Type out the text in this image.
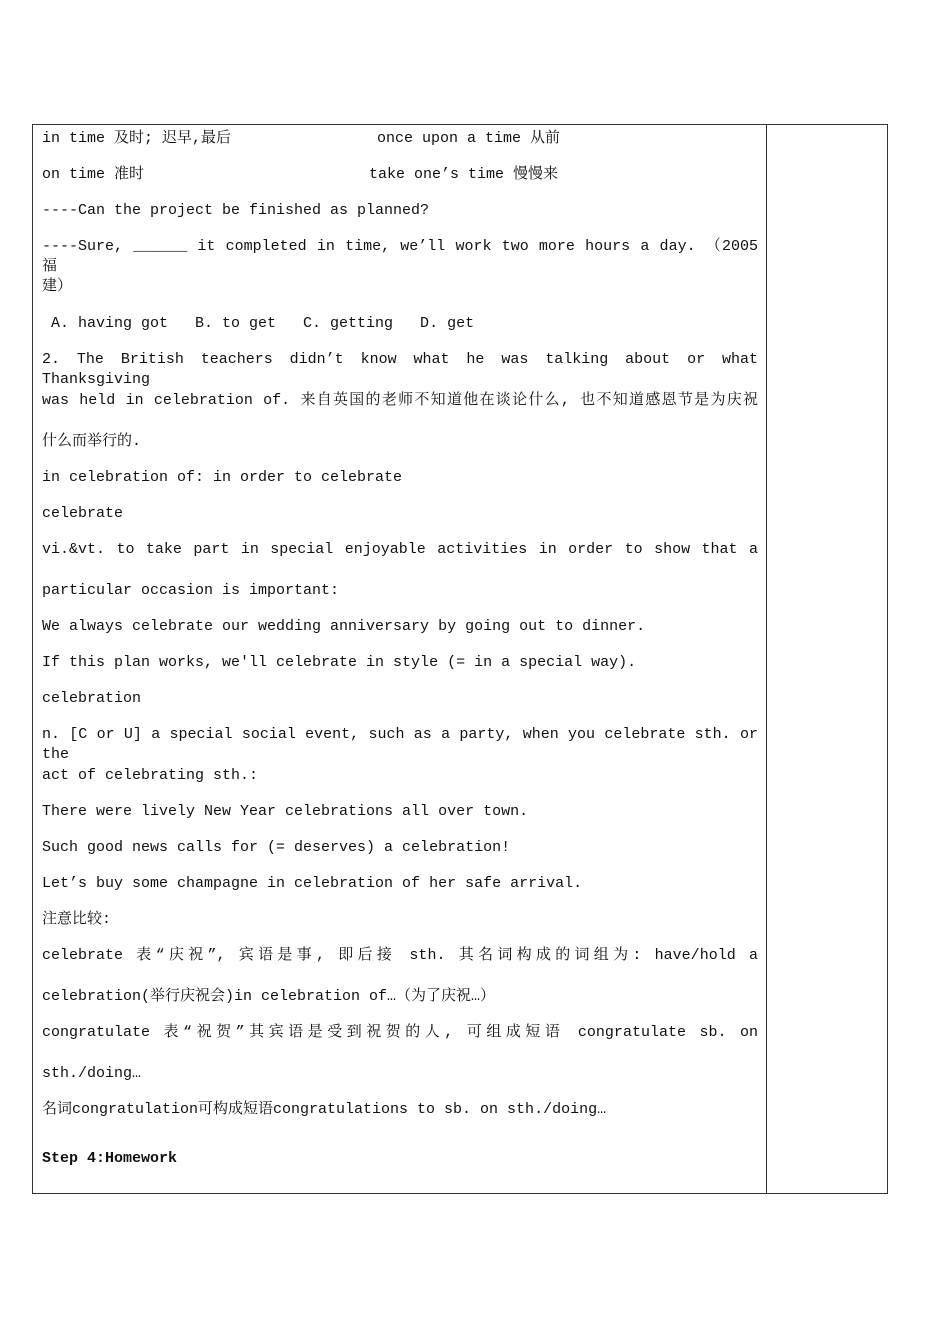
in time 及时; 迟早,最后	once upon a time 从前
on time 准时	take one’s time 慢慢来
----Can the project be finished as planned?
----Sure, ______ it completed in time, we’ll work two more hours a day. （2005 福
建）
A. having got   B. to get   C. getting   D. get
2. The British teachers didn’t know what he was talking about or what Thanksgiving
was held in celebration of. 来自英国的老师不知道他在谈论什么, 也不知道感恩节是为庆祝
什么而举行的.
in celebration of: in order to celebrate
celebrate
vi.&vt. to take part in special enjoyable activities in order to show that a
particular occasion is important:
We always celebrate our wedding anniversary by going out to dinner.
If this plan works, we'll celebrate in style (= in a special way).
celebration
n. [C or U] a special social event, such as a party, when you celebrate sth. or the
act of celebrating sth.:
There were lively New Year celebrations all over town.
Such good news calls for (= deserves) a celebration!
Let’s buy some champagne in celebration of her safe arrival.
注意比较:
celebrate 表“庆祝”, 宾语是事, 即后接 sth. 其名词构成的词组为: have/hold a
celebration(举行庆祝会)in celebration of…（为了庆祝…）
congratulate 表“祝贺”其宾语是受到祝贺的人, 可组成短语 congratulate sb. on
sth./doing…
名词congratulation可构成短语congratulations to sb. on sth./doing…
Step 4:Homework
